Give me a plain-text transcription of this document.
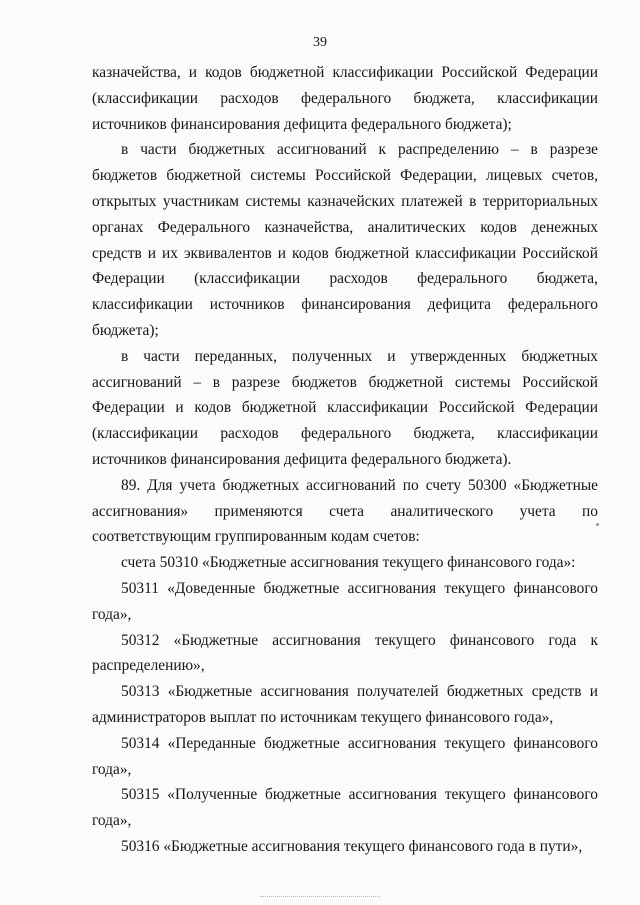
39

казначейства, и кодов бюджетной классификации Российской Федерации (классификации расходов федерального бюджета, классификации источников финансирования дефицита федерального бюджета);

в части бюджетных ассигнований к распределению – в разрезе бюджетов бюджетной системы Российской Федерации, лицевых счетов, открытых участникам системы казначейских платежей в территориальных органах Федерального казначейства, аналитических кодов денежных средств и их эквивалентов и кодов бюджетной классификации Российской Федерации (классификации расходов федерального бюджета, классификации источников финансирования дефицита федерального бюджета);

в части переданных, полученных и утвержденных бюджетных ассигнований – в разрезе бюджетов бюджетной системы Российской Федерации и кодов бюджетной классификации Российской Федерации (классификации расходов федерального бюджета, классификации источников финансирования дефицита федерального бюджета).

89. Для учета бюджетных ассигнований по счету 50300 «Бюджетные ассигнования» применяются счета аналитического учета по соответствующим группированным кодам счетов:

счета 50310 «Бюджетные ассигнования текущего финансового года»:

50311 «Доведенные бюджетные ассигнования текущего финансового года»,

50312 «Бюджетные ассигнования текущего финансового года к распределению»,

50313 «Бюджетные ассигнования получателей бюджетных средств и администраторов выплат по источникам текущего финансового года»,

50314 «Переданные бюджетные ассигнования текущего финансового года»,

50315 «Полученные бюджетные ассигнования текущего финансового года»,

50316 «Бюджетные ассигнования текущего финансового года в пути»,
